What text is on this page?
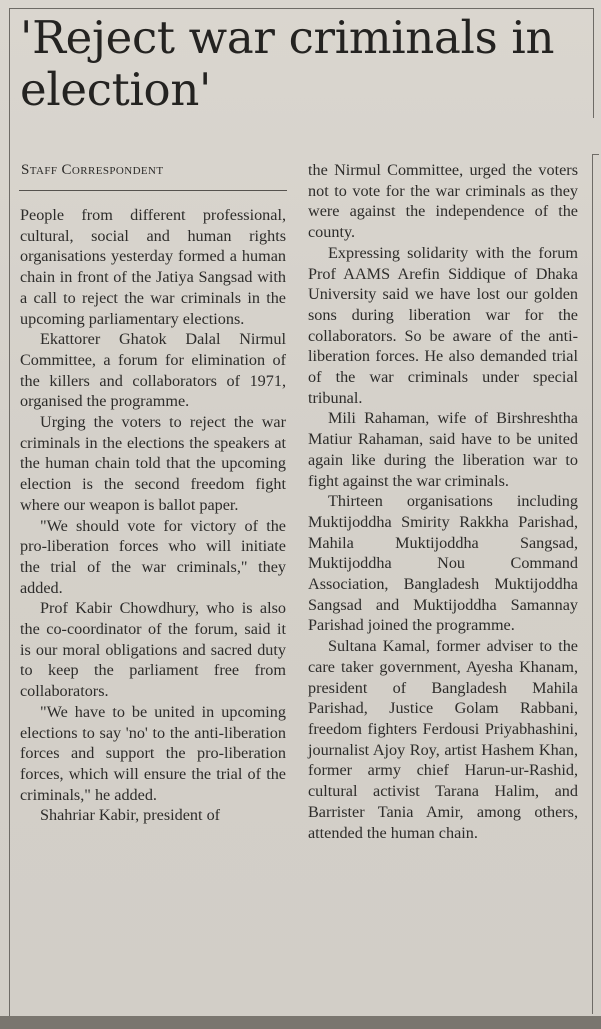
'Reject war criminals in election'
Staff Correspondent

People from different professional, cultural, social and human rights organisations yesterday formed a human chain in front of the Jatiya Sangsad with a call to reject the war criminals in the upcoming parliamentary elections.

Ekattorer Ghatok Dalal Nirmul Committee, a forum for elimination of the killers and collaborators of 1971, organised the programme.

Urging the voters to reject the war criminals in the elections the speakers at the human chain told that the upcoming election is the second freedom fight where our weapon is ballot paper.

"We should vote for victory of the pro-liberation forces who will initiate the trial of the war criminals," they added.

Prof Kabir Chowdhury, who is also the co-coordinator of the forum, said it is our moral obligations and sacred duty to keep the parliament free from collaborators.

"We have to be united in upcoming elections to say 'no' to the anti-liberation forces and support the pro-liberation forces, which will ensure the trial of the criminals," he added.

Shahriar Kabir, president of

the Nirmul Committee, urged the voters not to vote for the war criminals as they were against the independence of the county.

Expressing solidarity with the forum Prof AAMS Arefin Siddique of Dhaka University said we have lost our golden sons during liberation war for the collaborators. So be aware of the anti-liberation forces. He also demanded trial of the war criminals under special tribunal.

Mili Rahaman, wife of Birshreshtha Matiur Rahaman, said have to be united again like during the liberation war to fight against the war criminals.

Thirteen organisations including Muktijoddha Smirity Rakkha Parishad, Mahila Muktijoddha Sangsad, Muktijoddha Nou Command Association, Bangladesh Muktijoddha Sangsad and Muktijoddha Samannay Parishad joined the programme.

Sultana Kamal, former adviser to the care taker government, Ayesha Khanam, president of Bangladesh Mahila Parishad, Justice Golam Rabbani, freedom fighters Ferdousi Priyabhashini, journalist Ajoy Roy, artist Hashem Khan, former army chief Harun-ur-Rashid, cultural activist Tarana Halim, and Barrister Tania Amir, among others, attended the human chain.
